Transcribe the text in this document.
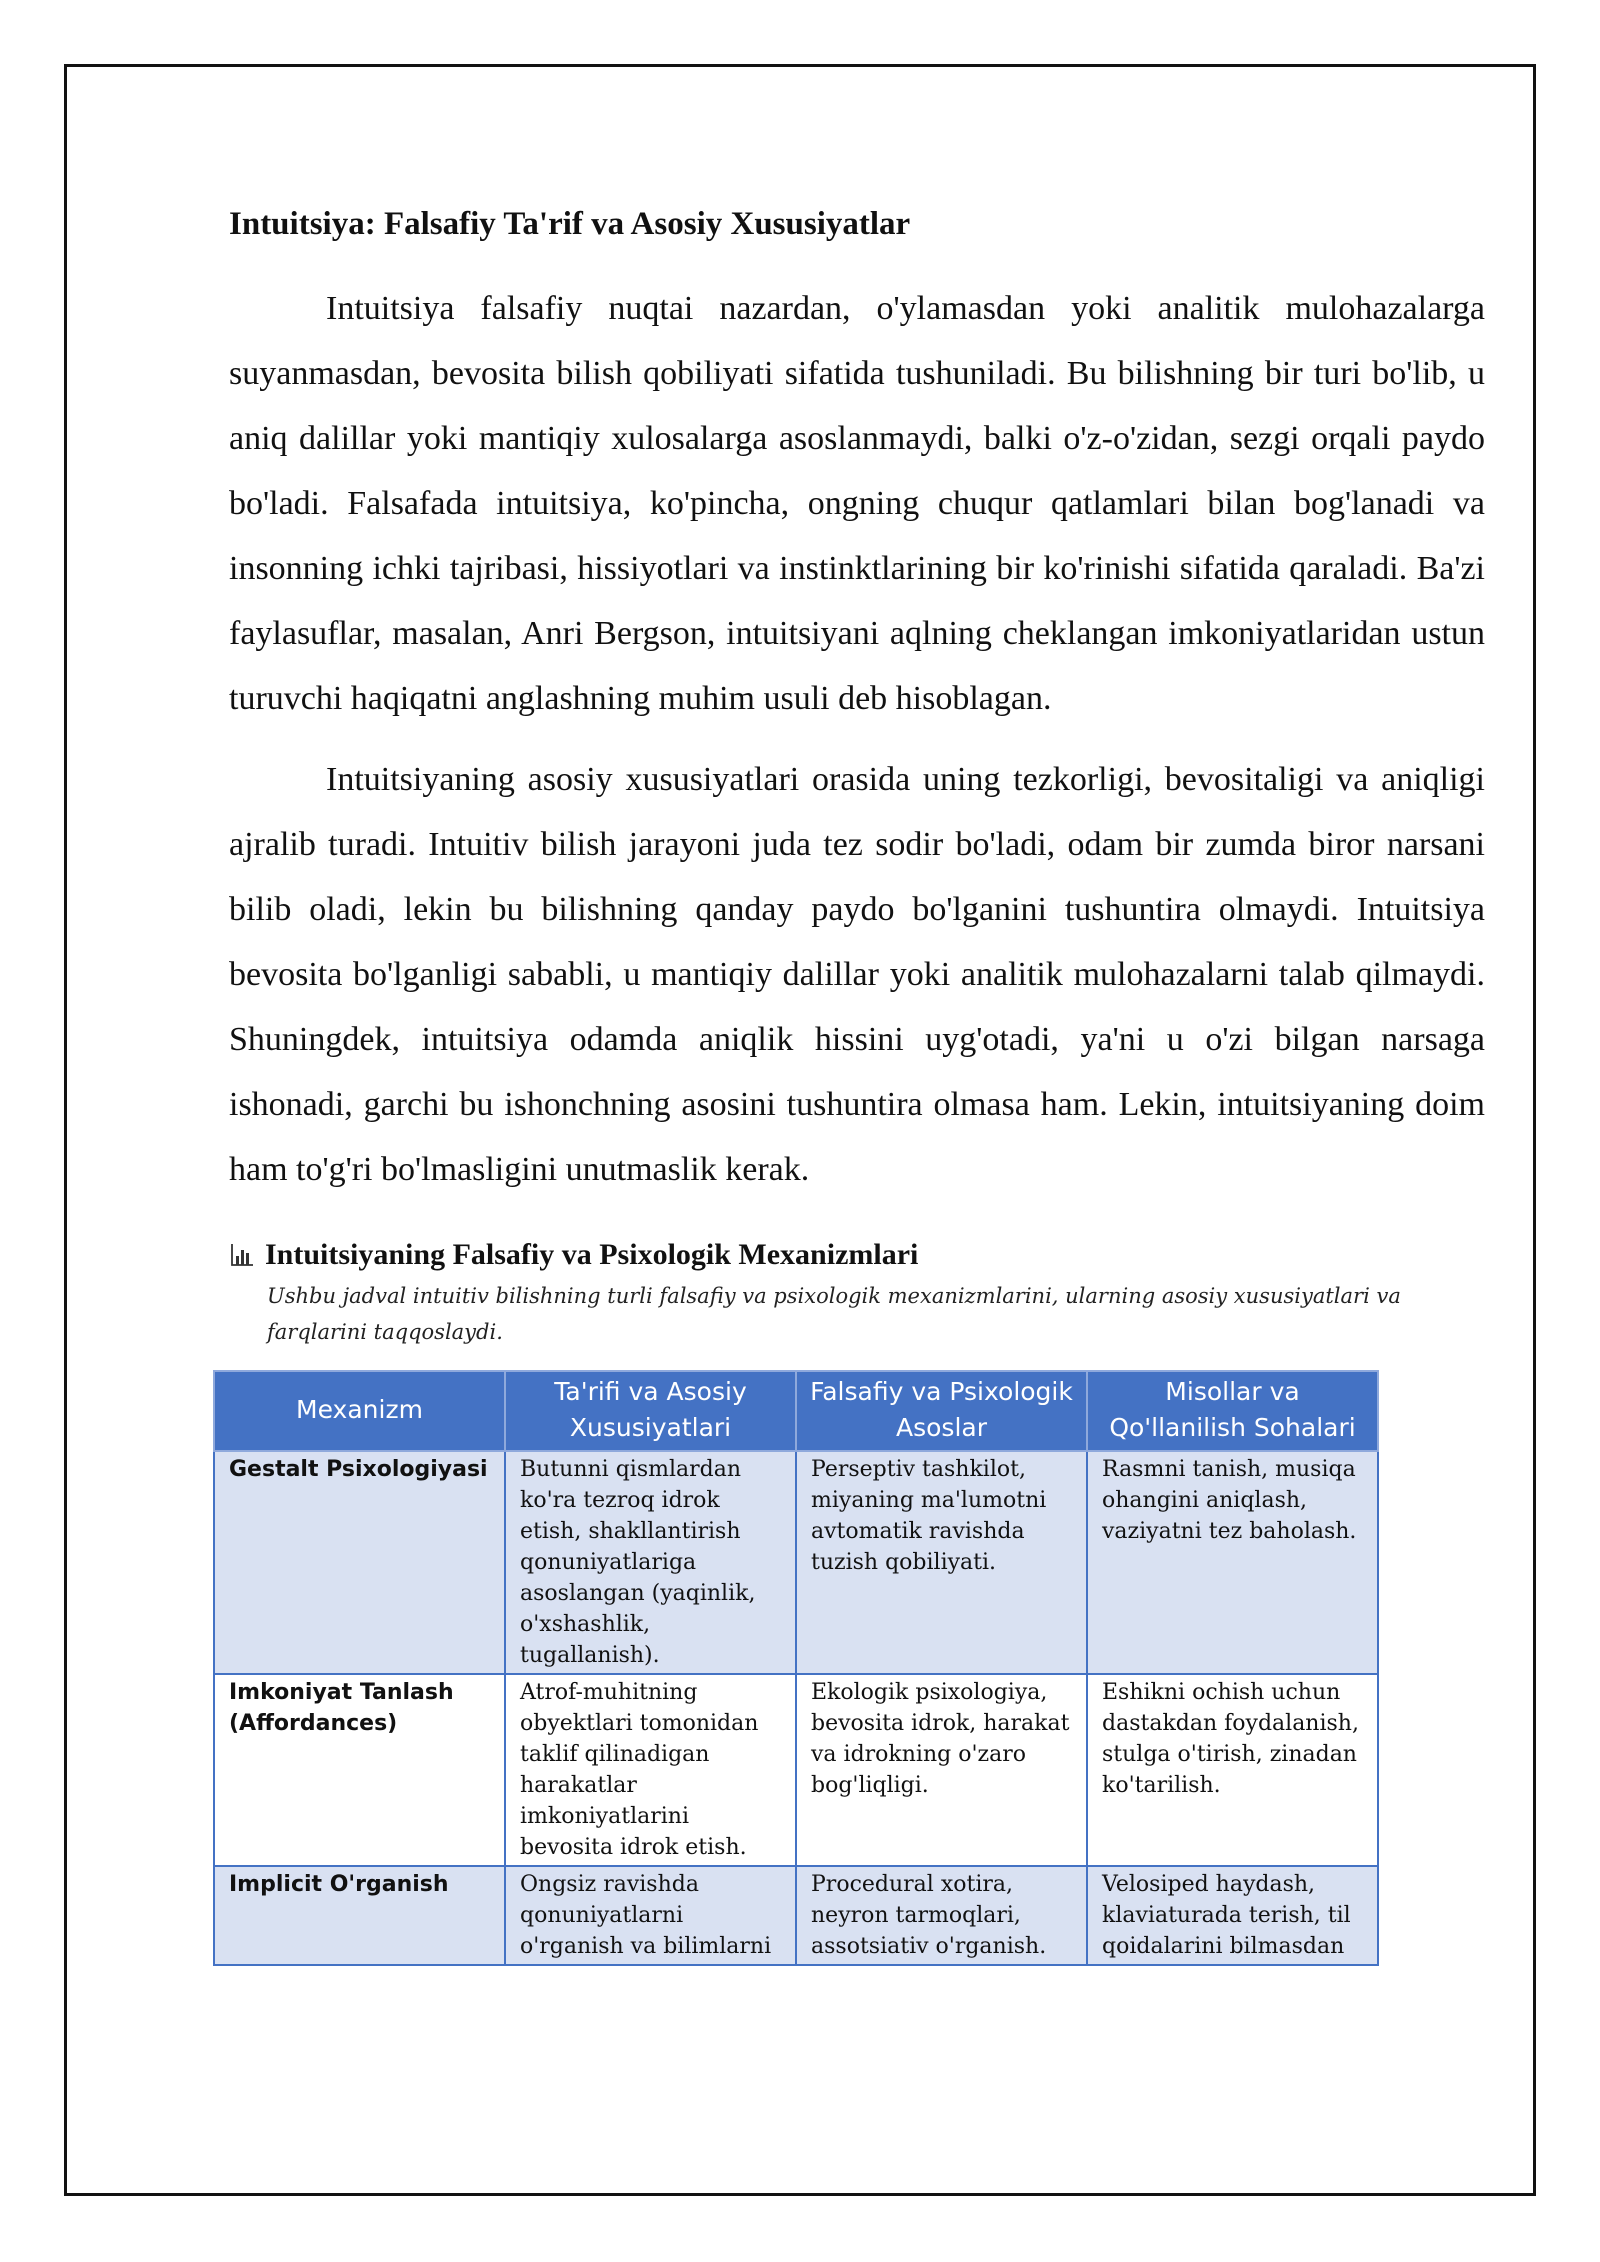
Intuitsiya: Falsafiy Ta'rif va Asosiy Xususiyatlar

Intuitsiya falsafiy nuqtai nazardan, o'ylamasdan yoki analitik mulohazalarga suyanmasdan, bevosita bilish qobiliyati sifatida tushuniladi. Bu bilishning bir turi bo'lib, u aniq dalillar yoki mantiqiy xulosalarga asoslanmaydi, balki o'z-o'zidan, sezgi orqali paydo bo'ladi. Falsafada intuitsiya, ko'pincha, ongning chuqur qatlamlari bilan bog'lanadi va insonning ichki tajribasi, hissiyotlari va instinktlarining bir ko'rinishi sifatida qaraladi. Ba'zi faylasuflar, masalan, Anri Bergson, intuitsiyani aqlning cheklangan imkoniyatlaridan ustun turuvchi haqiqatni anglashning muhim usuli deb hisoblagan.

Intuitsiyaning asosiy xususiyatlari orasida uning tezkorligi, bevositaligi va aniqligi ajralib turadi. Intuitiv bilish jarayoni juda tez sodir bo'ladi, odam bir zumda biror narsani bilib oladi, lekin bu bilishning qanday paydo bo'lganini tushuntira olmaydi. Intuitsiya bevosita bo'lganligi sababli, u mantiqiy dalillar yoki analitik mulohazalarni talab qilmaydi. Shuningdek, intuitsiya odamda aniqlik hissini uyg'otadi, ya'ni u o'zi bilgan narsaga ishonadi, garchi bu ishonchning asosini tushuntira olmasa ham. Lekin, intuitsiyaning doim ham to'g'ri bo'lmasligini unutmaslik kerak.

Intuitsiyaning Falsafiy va Psixologik Mexanizmlari
Ushbu jadval intuitiv bilishning turli falsafiy va psixologik mexanizmlarini, ularning asosiy xususiyatlari va farqlarini taqqoslaydi.
Mexanizm	Ta'rifi va Asosiy Xususiyatlari	Falsafiy va Psixologik Asoslar	Misollar va Qo'llanilish Sohalari
Gestalt Psixologiyasi	Butunni qismlardan ko'ra tezroq idrok etish, shakllantirish qonuniyatlariga asoslangan (yaqinlik, o'xshashlik, tugallanish).	Perseptiv tashkilot, miyaning ma'lumotni avtomatik ravishda tuzish qobiliyati.	Rasmni tanish, musiqa ohangini aniqlash, vaziyatni tez baholash.
Imkoniyat Tanlash (Affordances)	Atrof-muhitning obyektlari tomonidan taklif qilinadigan harakatlar imkoniyatlarini bevosita idrok etish.	Ekologik psixologiya, bevosita idrok, harakat va idrokning o'zaro bog'liqligi.	Eshikni ochish uchun dastakdan foydalanish, stulga o'tirish, zinadan ko'tarilish.
Implicit O'rganish	Ongsiz ravishda qonuniyatlarni o'rganish va bilimlarni	Procedural xotira, neyron tarmoqlari, assotsiativ o'rganish.	Velosiped haydash, klaviaturada terish, til qoidalarini bilmasdan
